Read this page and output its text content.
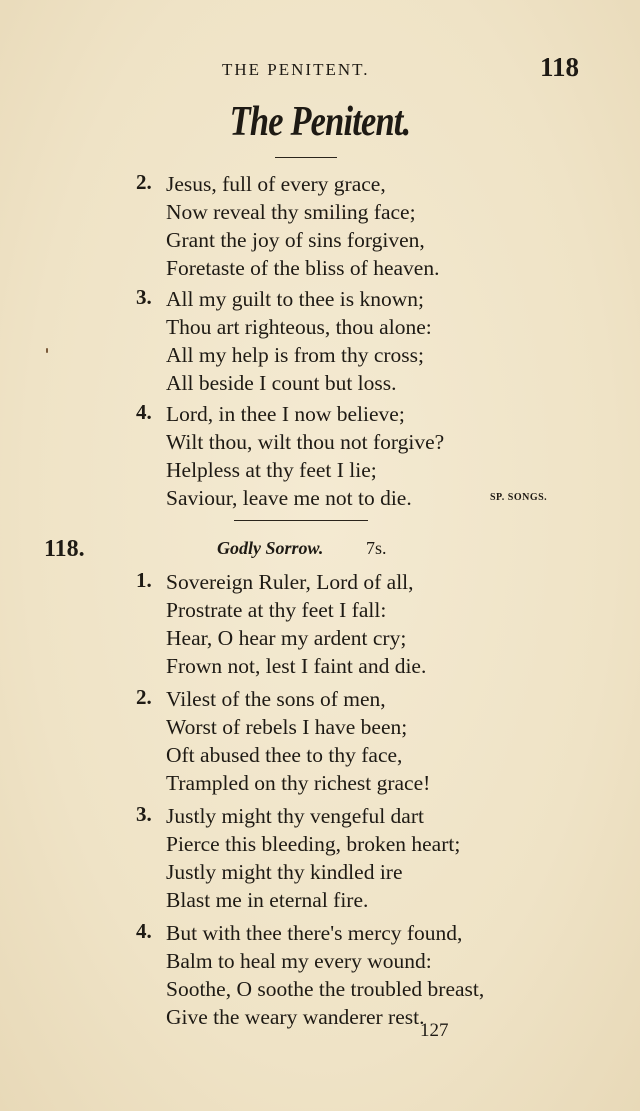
THE PENITENT.	118
The Penitent.
2. Jesus, full of every grace,
Now reveal thy smiling face;
Grant the joy of sins forgiven,
Foretaste of the bliss of heaven.
3. All my guilt to thee is known;
Thou art righteous, thou alone:
All my help is from thy cross;
All beside I count but loss.
4. Lord, in thee I now believe;
Wilt thou, wilt thou not forgive?
Helpless at thy feet I lie;
Saviour, leave me not to die.	SP. SONGS.
118.	Godly Sorrow. 7s.
1. Sovereign Ruler, Lord of all,
Prostrate at thy feet I fall:
Hear, O hear my ardent cry;
Frown not, lest I faint and die.
2. Vilest of the sons of men,
Worst of rebels I have been;
Oft abused thee to thy face,
Trampled on thy richest grace!
3. Justly might thy vengeful dart
Pierce this bleeding, broken heart;
Justly might thy kindled ire
Blast me in eternal fire.
4. But with thee there's mercy found,
Balm to heal my every wound:
Soothe, O soothe the troubled breast,
Give the weary wanderer rest.
127
